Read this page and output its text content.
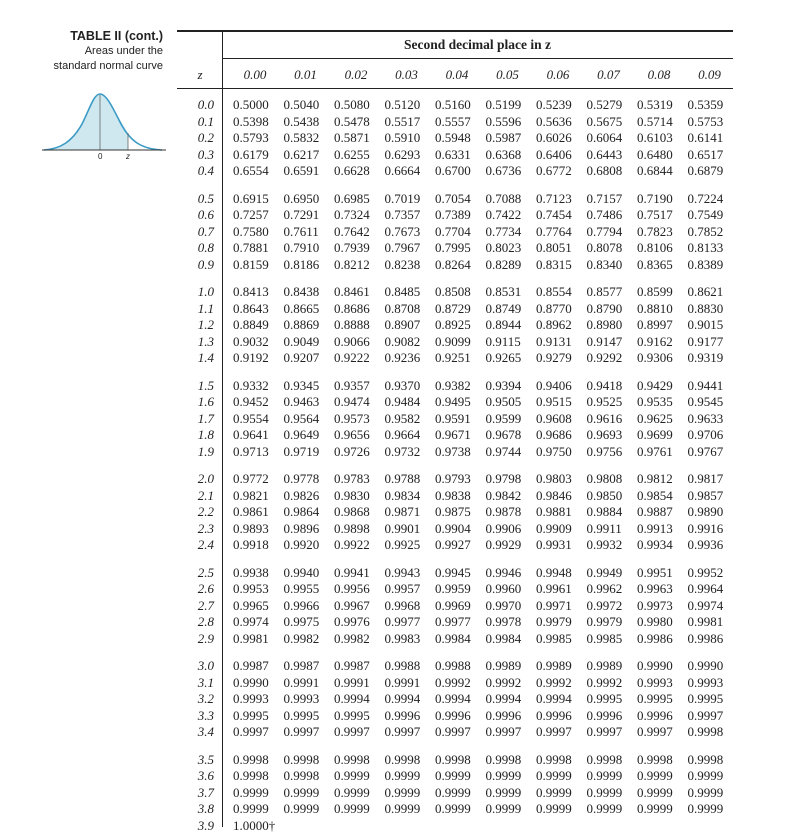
TABLE II (cont.)
Areas under the
standard normal curve
0	z
Second decimal place in z
z	0.00	0.01	0.02	0.03	0.04	0.05	0.06	0.07	0.08	0.09
0.0 0.5000 0.5040 0.5080 0.5120 0.5160 0.5199 0.5239 0.5279 0.5319 0.5359
0.1 0.5398 0.5438 0.5478 0.5517 0.5557 0.5596 0.5636 0.5675 0.5714 0.5753
0.2 0.5793 0.5832 0.5871 0.5910 0.5948 0.5987 0.6026 0.6064 0.6103 0.6141
0.3 0.6179 0.6217 0.6255 0.6293 0.6331 0.6368 0.6406 0.6443 0.6480 0.6517
0.4 0.6554 0.6591 0.6628 0.6664 0.6700 0.6736 0.6772 0.6808 0.6844 0.6879
0.5 0.6915 0.6950 0.6985 0.7019 0.7054 0.7088 0.7123 0.7157 0.7190 0.7224
0.6 0.7257 0.7291 0.7324 0.7357 0.7389 0.7422 0.7454 0.7486 0.7517 0.7549
0.7 0.7580 0.7611 0.7642 0.7673 0.7704 0.7734 0.7764 0.7794 0.7823 0.7852
0.8 0.7881 0.7910 0.7939 0.7967 0.7995 0.8023 0.8051 0.8078 0.8106 0.8133
0.9 0.8159 0.8186 0.8212 0.8238 0.8264 0.8289 0.8315 0.8340 0.8365 0.8389
1.0 0.8413 0.8438 0.8461 0.8485 0.8508 0.8531 0.8554 0.8577 0.8599 0.8621
1.1 0.8643 0.8665 0.8686 0.8708 0.8729 0.8749 0.8770 0.8790 0.8810 0.8830
1.2 0.8849 0.8869 0.8888 0.8907 0.8925 0.8944 0.8962 0.8980 0.8997 0.9015
1.3 0.9032 0.9049 0.9066 0.9082 0.9099 0.9115 0.9131 0.9147 0.9162 0.9177
1.4 0.9192 0.9207 0.9222 0.9236 0.9251 0.9265 0.9279 0.9292 0.9306 0.9319
1.5 0.9332 0.9345 0.9357 0.9370 0.9382 0.9394 0.9406 0.9418 0.9429 0.9441
1.6 0.9452 0.9463 0.9474 0.9484 0.9495 0.9505 0.9515 0.9525 0.9535 0.9545
1.7 0.9554 0.9564 0.9573 0.9582 0.9591 0.9599 0.9608 0.9616 0.9625 0.9633
1.8 0.9641 0.9649 0.9656 0.9664 0.9671 0.9678 0.9686 0.9693 0.9699 0.9706
1.9 0.9713 0.9719 0.9726 0.9732 0.9738 0.9744 0.9750 0.9756 0.9761 0.9767
2.0 0.9772 0.9778 0.9783 0.9788 0.9793 0.9798 0.9803 0.9808 0.9812 0.9817
2.1 0.9821 0.9826 0.9830 0.9834 0.9838 0.9842 0.9846 0.9850 0.9854 0.9857
2.2 0.9861 0.9864 0.9868 0.9871 0.9875 0.9878 0.9881 0.9884 0.9887 0.9890
2.3 0.9893 0.9896 0.9898 0.9901 0.9904 0.9906 0.9909 0.9911 0.9913 0.9916
2.4 0.9918 0.9920 0.9922 0.9925 0.9927 0.9929 0.9931 0.9932 0.9934 0.9936
2.5 0.9938 0.9940 0.9941 0.9943 0.9945 0.9946 0.9948 0.9949 0.9951 0.9952
2.6 0.9953 0.9955 0.9956 0.9957 0.9959 0.9960 0.9961 0.9962 0.9963 0.9964
2.7 0.9965 0.9966 0.9967 0.9968 0.9969 0.9970 0.9971 0.9972 0.9973 0.9974
2.8 0.9974 0.9975 0.9976 0.9977 0.9977 0.9978 0.9979 0.9979 0.9980 0.9981
2.9 0.9981 0.9982 0.9982 0.9983 0.9984 0.9984 0.9985 0.9985 0.9986 0.9986
3.0 0.9987 0.9987 0.9987 0.9988 0.9988 0.9989 0.9989 0.9989 0.9990 0.9990
3.1 0.9990 0.9991 0.9991 0.9991 0.9992 0.9992 0.9992 0.9992 0.9993 0.9993
3.2 0.9993 0.9993 0.9994 0.9994 0.9994 0.9994 0.9994 0.9995 0.9995 0.9995
3.3 0.9995 0.9995 0.9995 0.9996 0.9996 0.9996 0.9996 0.9996 0.9996 0.9997
3.4 0.9997 0.9997 0.9997 0.9997 0.9997 0.9997 0.9997 0.9997 0.9997 0.9998
3.5 0.9998 0.9998 0.9998 0.9998 0.9998 0.9998 0.9998 0.9998 0.9998 0.9998
3.6 0.9998 0.9998 0.9999 0.9999 0.9999 0.9999 0.9999 0.9999 0.9999 0.9999
3.7 0.9999 0.9999 0.9999 0.9999 0.9999 0.9999 0.9999 0.9999 0.9999 0.9999
3.8 0.9999 0.9999 0.9999 0.9999 0.9999 0.9999 0.9999 0.9999 0.9999 0.9999
3.9 1.0000†
